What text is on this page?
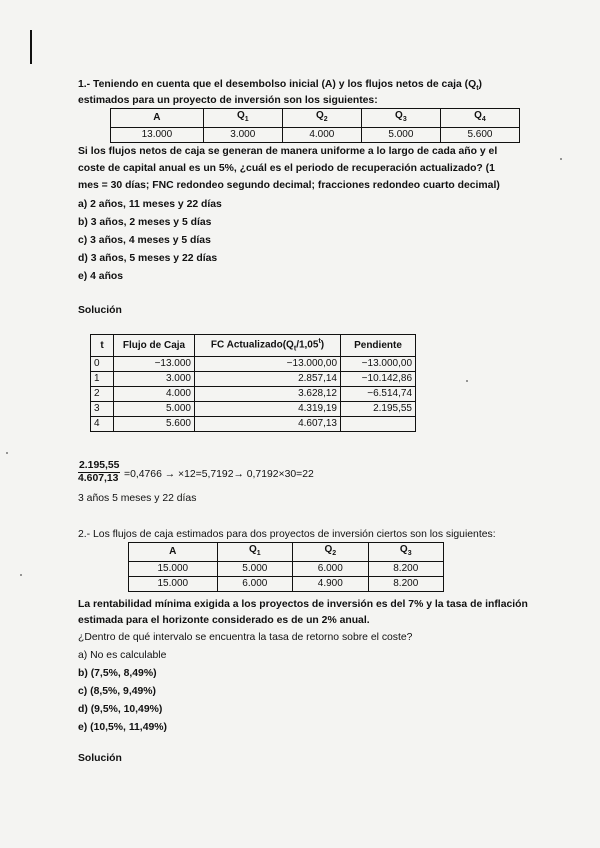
1.- Teniendo en cuenta que el desembolso inicial (A) y los flujos netos de caja $(Q_t)$
estimados para un proyecto de inversión son los siguientes:
A	$Q_1$	$Q_2$	$Q_3$	$Q_4$
13.000	3.000	4.000	5.000	5.600
Si los flujos netos de caja se generan de manera uniforme a lo largo de cada año y el
coste de capital anual es un 5%, ¿cuál es el periodo de recuperación actualizado? (1
mes = 30 días; FNC redondeo segundo decimal; fracciones redondeo cuarto decimal)
a) 2 años, 11 meses y 22 días
b) 3 años, 2 meses y 5 días
c) 3 años, 4 meses y 5 días
d) 3 años, 5 meses y 22 días
e) 4 años
Solución
t	Flujo de Caja	FC $Actualizado(Q_t/1,05^t)$	Pendiente
0	−13.000	−13.000,00	−13.000,00
1	3.000	2.857,14	−10.142,86
2	4.000	3.628,12	−6.514,74
3	5.000	4.319,19	2.195,55
4	5.600	4.607,13	
$\frac{2.195,55}{4.607,13} =0,4766 \to \times 12=5,7192\to 0,7192\times 30=22$
3 años 5 meses y 22 días
2.- Los flujos de caja estimados para dos proyectos de inversión ciertos son los siguientes:
A	$Q_1$	$Q_2$	$Q_3$
15.000	5.000	6.000	8.200
15.000	6.000	4.900	8.200
La rentabilidad mínima exigida a los proyectos de inversión es del 7% y la tasa de inflación
estimada para el horizonte considerado es de un 2% anual.
¿Dentro de qué intervalo se encuentra la tasa de retorno sobre el coste?
a) No es calculable
b) (7,5%, 8,49%)
c) (8,5%, 9,49%)
d) (9,5%, 10,49%)
e) (10,5%, 11,49%)
Solución
